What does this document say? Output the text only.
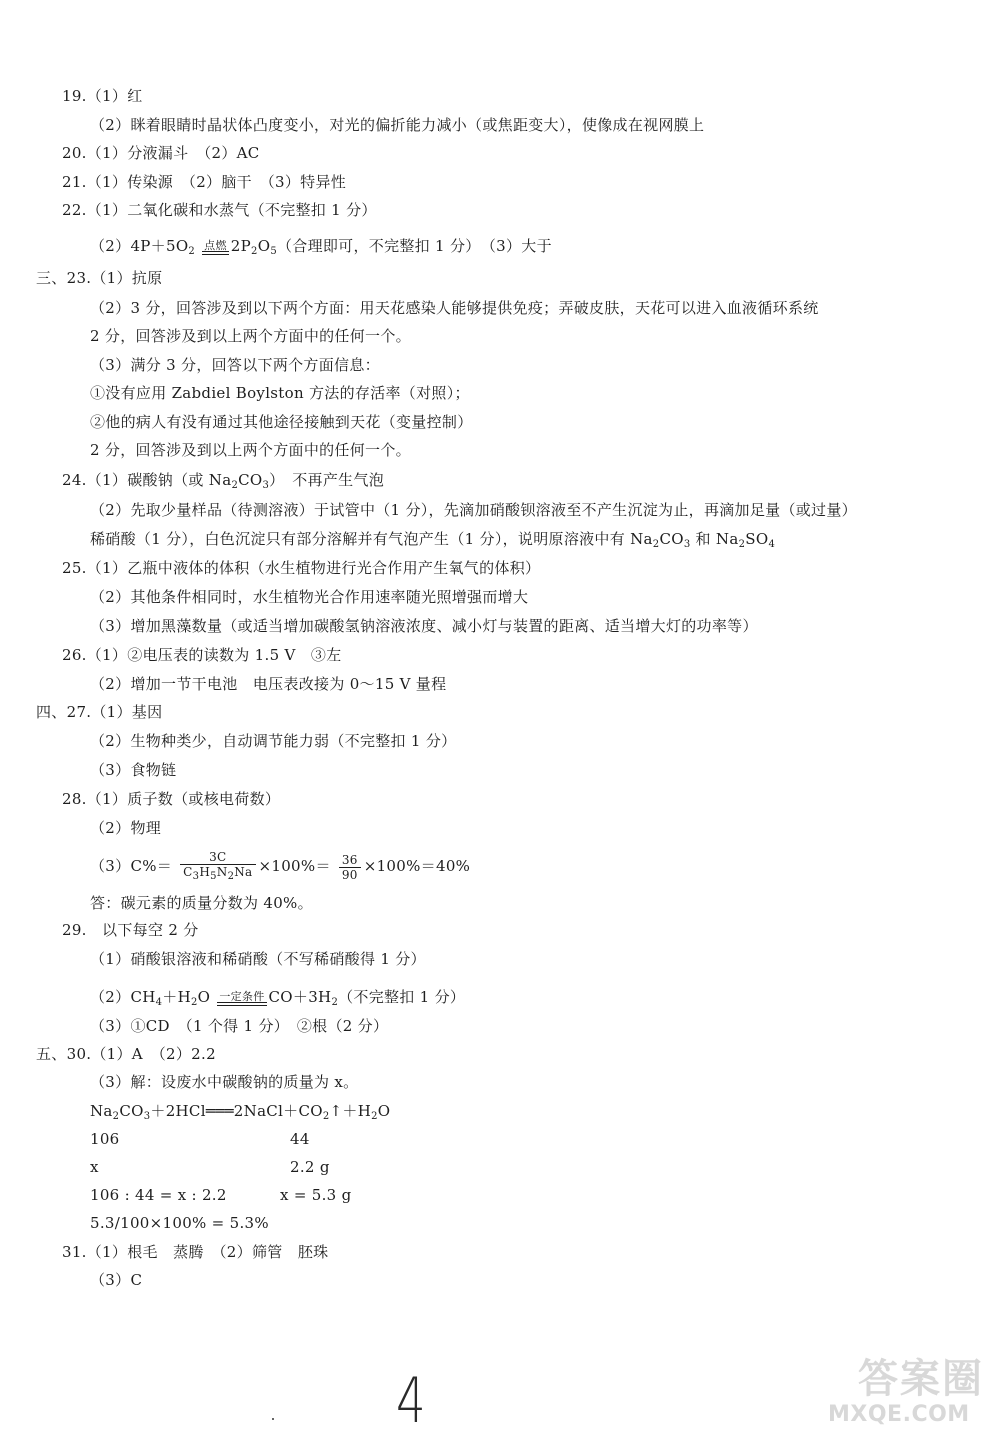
19.（1）红
（2）眯着眼睛时晶状体凸度变小，对光的偏折能力减小（或焦距变大），使像成在视网膜上
20.（1）分液漏斗　（2）AC
21.（1）传染源　（2）脑干　（3）特异性
22.（1）二氧化碳和水蒸气（不完整扣 1 分）
三、23.（1）抗原
（2）3 分，回答涉及到以下两个方面：用天花感染人能够提供免疫；弄破皮肤，天花可以进入血液循环系统
2 分，回答涉及到以上两个方面中的任何一个。
（3）满分 3 分，回答以下两个方面信息：
①没有应用 Zabdiel Boylston 方法的存活率（对照）；
②他的病人有没有通过其他途径接触到天花（变量控制）
2 分，回答涉及到以上两个方面中的任何一个。
（2）先取少量样品（待测溶液）于试管中（1 分），先滴加硝酸钡溶液至不产生沉淀为止，再滴加足量（或过量）
25.（1）乙瓶中液体的体积（水生植物进行光合作用产生氧气的体积）
（2）其他条件相同时，水生植物光合作用速率随光照增强而增大
（3）增加黑藻数量（或适当增加碳酸氢钠溶液浓度、减小灯与装置的距离、适当增大灯的功率等）
26.（1）②电压表的读数为 1.5 V　③左
（2）增加一节干电池　电压表改接为 0～15 V 量程
四、27.（1）基因
（2）生物种类少，自动调节能力弱（不完整扣 1 分）
（3）食物链
28.（1）质子数（或核电荷数）
（2）物理
答：碳元素的质量分数为 40%。
29.　以下每空 2 分
（1）硝酸银溶液和稀硝酸（不写稀硝酸得 1 分）
（3）①CD　（1 个得 1 分）　②根（2 分）
五、30.（1）A　（2）2.2
（3）解：设废水中碳酸钠的质量为 x。
106	44
x	2.2 g
106 : 44 = x : 2.2	x = 5.3 g
5.3/100×100% = 5.3%
31.（1）根毛　蒸腾　（2）筛管　胚珠
（3）C
$(2)4P+5O_2$ 点燃 $2P_2O_5$（合理即可，不完整扣 1 分）　（3）大于
24.（1）碳酸钠（或 $Na_2CO_3$）　不再产生气泡
稀硝酸（1 分），白色沉淀只有部分溶解并有气泡产生（1 分），说明原溶液中有 $Na_2CO_3$ 和 $Na_2SO_4$
$(3)C\%= \frac{3C}{C_3H_5N_2Na} \times 100\%= \frac{36}{90} \times 100\%=40\%$
$(2)CH_4+H_2O$ 一定条件 $CO+3H_2$（不完整扣 1 分）
$Na_2CO_3+2HCl═══2NaCl+CO_2↑+H_2O$
4	答案圈
MXQE.COM
